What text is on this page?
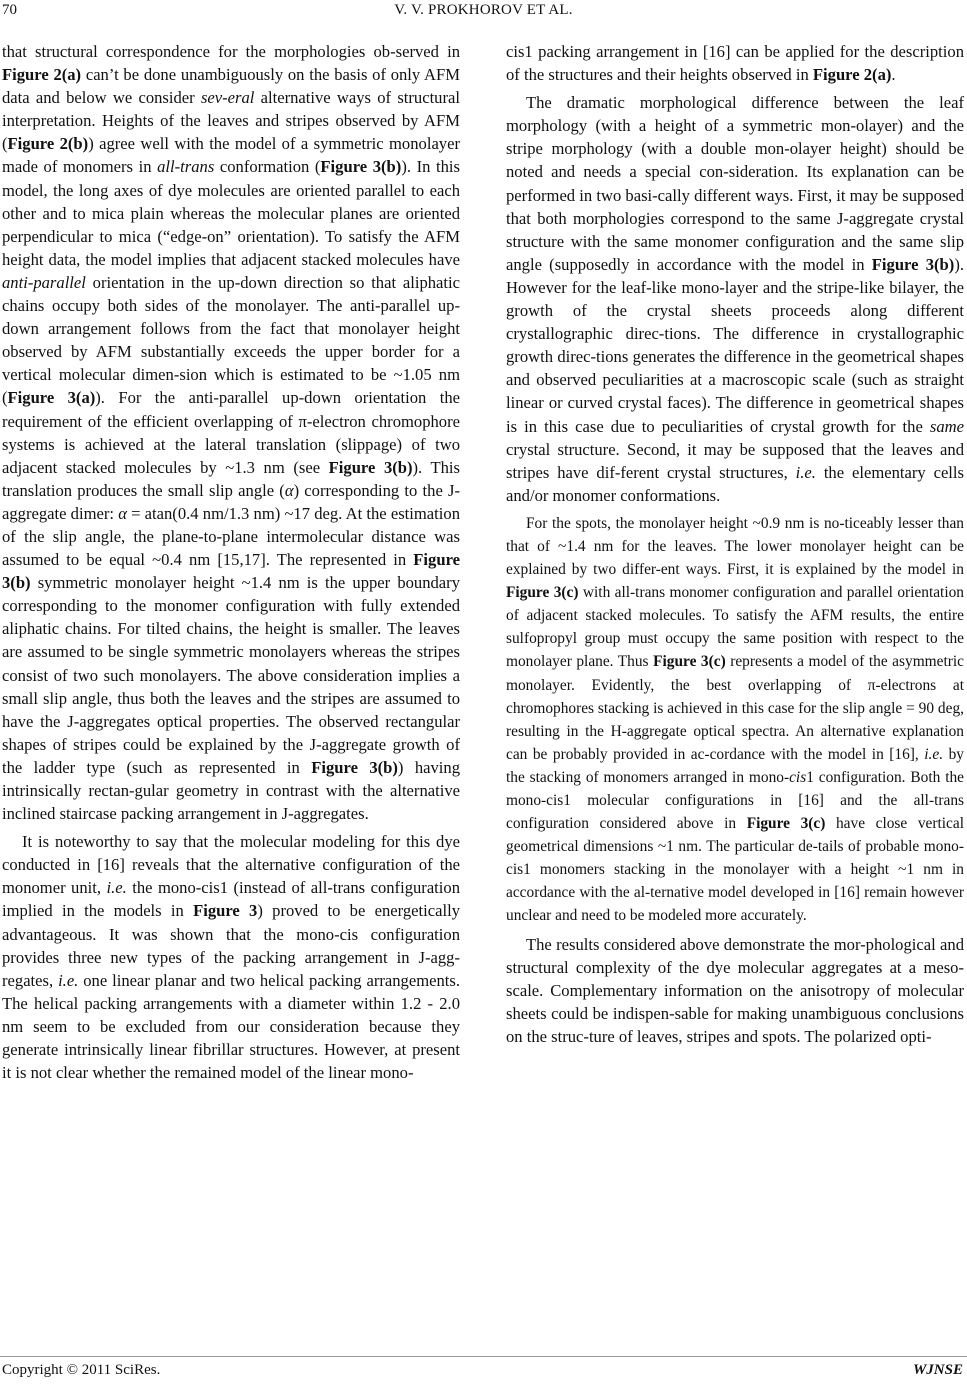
70	V. V. PROKHOROV ET AL.

that structural correspondence for the morphologies ob-served in Figure 2(a) can’t be done unambiguously on the basis of only AFM data and below we consider sev-eral alternative ways of structural interpretation. Heights of the leaves and stripes observed by AFM (Figure 2(b)) agree well with the model of a symmetric monolayer made of monomers in all-trans conformation (Figure 3(b)). In this model, the long axes of dye molecules are oriented parallel to each other and to mica plain whereas the molecular planes are oriented perpendicular to mica (“edge-on” orientation). To satisfy the AFM height data, the model implies that adjacent stacked molecules have anti-parallel orientation in the up-down direction so that aliphatic chains occupy both sides of the monolayer. The anti-parallel up-down arrangement follows from the fact that monolayer height observed by AFM substantially exceeds the upper border for a vertical molecular dimen-sion which is estimated to be ~1.05 nm (Figure 3(a)). For the anti-parallel up-down orientation the requirement of the efficient overlapping of π-electron chromophore systems is achieved at the lateral translation (slippage) of two adjacent stacked molecules by ~1.3 nm (see Figure 3(b)). This translation produces the small slip angle (α) corresponding to the J-aggregate dimer: α = atan(0.4 nm/1.3 nm) ~17 deg. At the estimation of the slip angle, the plane-to-plane intermolecular distance was assumed to be equal ~0.4 nm [15,17]. The represented in Figure 3(b) symmetric monolayer height ~1.4 nm is the upper boundary corresponding to the monomer configuration with fully extended aliphatic chains. For tilted chains, the height is smaller. The leaves are assumed to be single symmetric monolayers whereas the stripes consist of two such monolayers. The above consideration implies a small slip angle, thus both the leaves and the stripes are assumed to have the J-aggregates optical properties. The observed rectangular shapes of stripes could be explained by the J-aggregate growth of the ladder type (such as represented in Figure 3(b)) having intrinsically rectan-gular geometry in contrast with the alternative inclined staircase packing arrangement in J-aggregates.

It is noteworthy to say that the molecular modeling for this dye conducted in [16] reveals that the alternative configuration of the monomer unit, i.e. the mono-cis1 (instead of all-trans configuration implied in the models in Figure 3) proved to be energetically advantageous. It was shown that the mono-cis configuration provides three new types of the packing arrangement in J-agg-regates, i.e. one linear planar and two helical packing arrangements. The helical packing arrangements with a diameter within 1.2 - 2.0 nm seem to be excluded from our consideration because they generate intrinsically linear fibrillar structures. However, at present it is not clear whether the remained model of the linear mono-

cis1 packing arrangement in [16] can be applied for the description of the structures and their heights observed in Figure 2(a).

The dramatic morphological difference between the leaf morphology (with a height of a symmetric mon-olayer) and the stripe morphology (with a double mon-olayer height) should be noted and needs a special con-sideration. Its explanation can be performed in two basi-cally different ways. First, it may be supposed that both morphologies correspond to the same J-aggregate crystal structure with the same monomer configuration and the same slip angle (supposedly in accordance with the model in Figure 3(b)). However for the leaf-like mono-layer and the stripe-like bilayer, the growth of the crystal sheets proceeds along different crystallographic direc-tions. The difference in crystallographic growth direc-tions generates the difference in the geometrical shapes and observed peculiarities at a macroscopic scale (such as straight linear or curved crystal faces). The difference in geometrical shapes is in this case due to peculiarities of crystal growth for the same crystal structure. Second, it may be supposed that the leaves and stripes have dif-ferent crystal structures, i.e. the elementary cells and/or monomer conformations.

For the spots, the monolayer height ~0.9 nm is no-ticeably lesser than that of ~1.4 nm for the leaves. The lower monolayer height can be explained by two differ-ent ways. First, it is explained by the model in Figure 3(c) with all-trans monomer configuration and parallel orientation of adjacent stacked molecules. To satisfy the AFM results, the entire sulfopropyl group must occupy the same position with respect to the monolayer plane. Thus Figure 3(c) represents a model of the asymmetric monolayer. Evidently, the best overlapping of π-electrons at chromophores stacking is achieved in this case for the slip angle = 90 deg, resulting in the H-aggregate optical spectra. An alternative explanation can be probably provided in ac-cordance with the model in [16], i.e. by the stacking of monomers arranged in mono-cis1 configuration. Both the mono-cis1 molecular configurations in [16] and the all-trans configuration considered above in Figure 3(c) have close vertical geometrical dimensions ~1 nm. The particular de-tails of probable mono-cis1 monomers stacking in the monolayer with a height ~1 nm in accordance with the al-ternative model developed in [16] remain however unclear and need to be modeled more accurately.

The results considered above demonstrate the mor-phological and structural complexity of the dye molecular aggregates at a meso-scale. Complementary information on the anisotropy of molecular sheets could be indispen-sable for making unambiguous conclusions on the struc-ture of leaves, stripes and spots. The polarized opti-

Copyright © 2011 SciRes.	WJNSE
